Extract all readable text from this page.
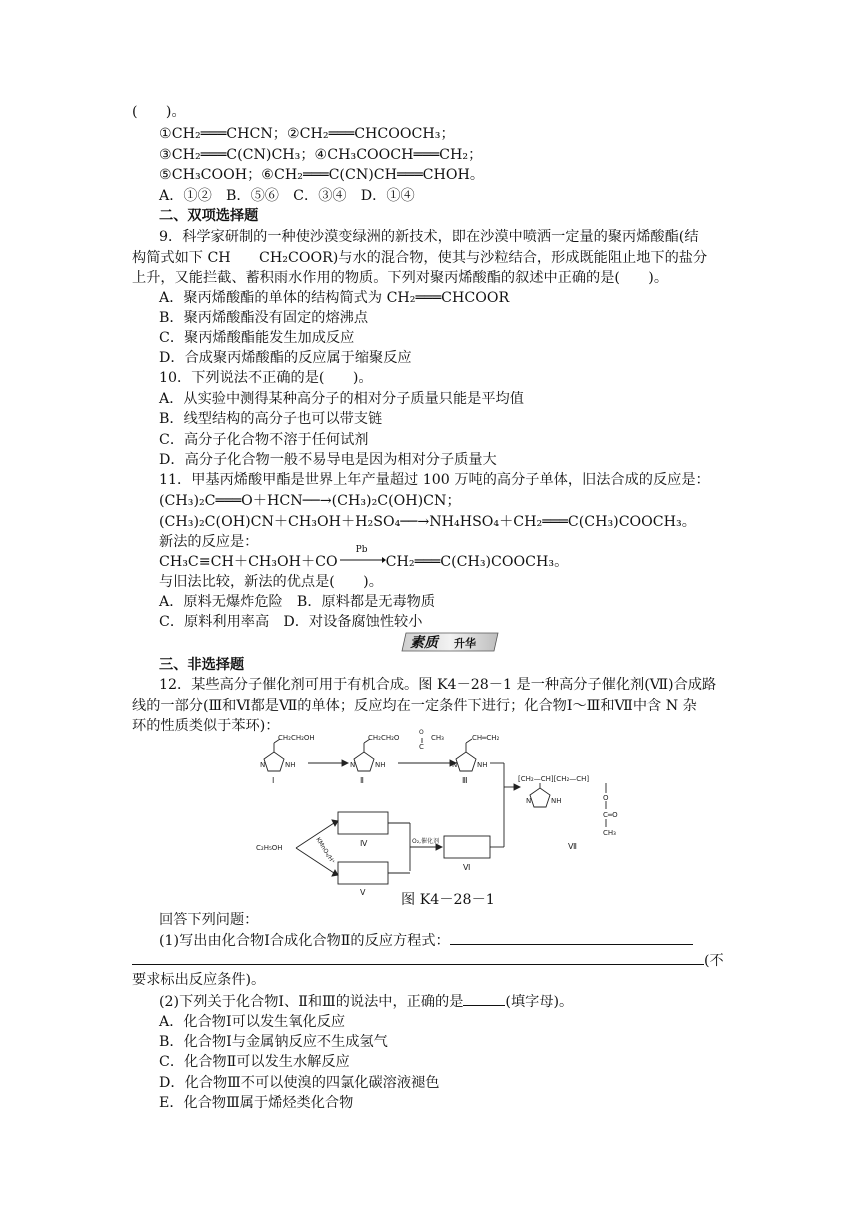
(　　)。
①CH₂═══CHCN；②CH₂═══CHCOOCH₃；
③CH₂═══C(CN)CH₃；④CH₃COOCH═══CH₂；
⑤CH₃COOH；⑥CH₂═══C(CN)CH═══CHOH。
A．①②　B．⑤⑥　C．③④　D．①④
二、双项选择题
9．科学家研制的一种使沙漠变绿洲的新技术，即在沙漠中喷洒一定量的聚丙烯酸酯(结
构简式如下 CH　　CH₂COOR)与水的混合物，使其与沙粒结合，形成既能阻止地下的盐分
上升，又能拦截、蓄积雨水作用的物质。下列对聚丙烯酸酯的叙述中正确的是(　　)。
A．聚丙烯酸酯的单体的结构简式为 CH₂═══CHCOOR
B．聚丙烯酸酯没有固定的熔沸点
C．聚丙烯酸酯能发生加成反应
D．合成聚丙烯酸酯的反应属于缩聚反应
10．下列说法不正确的是(　　)。
A．从实验中测得某种高分子的相对分子质量只能是平均值
B．线型结构的高分子也可以带支链
C．高分子化合物不溶于任何试剂
D．高分子化合物一般不易导电是因为相对分子质量大
11．甲基丙烯酸甲酯是世界上年产量超过 100 万吨的高分子单体，旧法合成的反应是：
(CH₃)₂C═══O＋HCN──→(CH₃)₂C(OH)CN；
(CH₃)₂C(OH)CN＋CH₃OH＋H₂SO₄──→NH₄HSO₄＋CH₂═══C(CH₃)COOCH₃。
新法的反应是：
CH₃C≡CH＋CH₃OH＋CO
Pb
CH₂═══C(CH₃)COOCH₃。
与旧法比较，新法的优点是(　　)。
A．原料无爆炸危险　B．原料都是无毒物质
C．原料利用率高　D．对设备腐蚀性较小
素质 升华
三、非选择题
12．某些高分子催化剂可用于有机合成。图 K4－28－1 是一种高分子催化剂(Ⅶ)合成路
线的一部分(Ⅲ和Ⅵ都是Ⅶ的单体；反应均在一定条件下进行；化合物Ⅰ～Ⅲ和Ⅶ中含 N 杂
环的性质类似于苯环)：
CH₂CH₂OH
N	NH
Ⅰ
CH₂CH₂O
O
C
CH₃
N	NH
Ⅱ
CH═CH₂
N	NH
Ⅲ	[CH₂—CH][CH₂—CH]
O
C═O
CH₃
N	NH
Ⅶ
C₂H₅OH	KMnO₄/H⁺	Ⅳ
Ⅴ
O₂,催化剂
Ⅵ
图 K4－28－1
回答下列问题：
(1)写出由化合物Ⅰ合成化合物Ⅱ的反应方程式：
(不
要求标出反应条件)。
(2)下列关于化合物Ⅰ、Ⅱ和Ⅲ的说法中，正确的是	(填字母)。
A．化合物Ⅰ可以发生氧化反应
B．化合物Ⅰ与金属钠反应不生成氢气
C．化合物Ⅱ可以发生水解反应
D．化合物Ⅲ不可以使溴的四氯化碳溶液褪色
E．化合物Ⅲ属于烯烃类化合物
